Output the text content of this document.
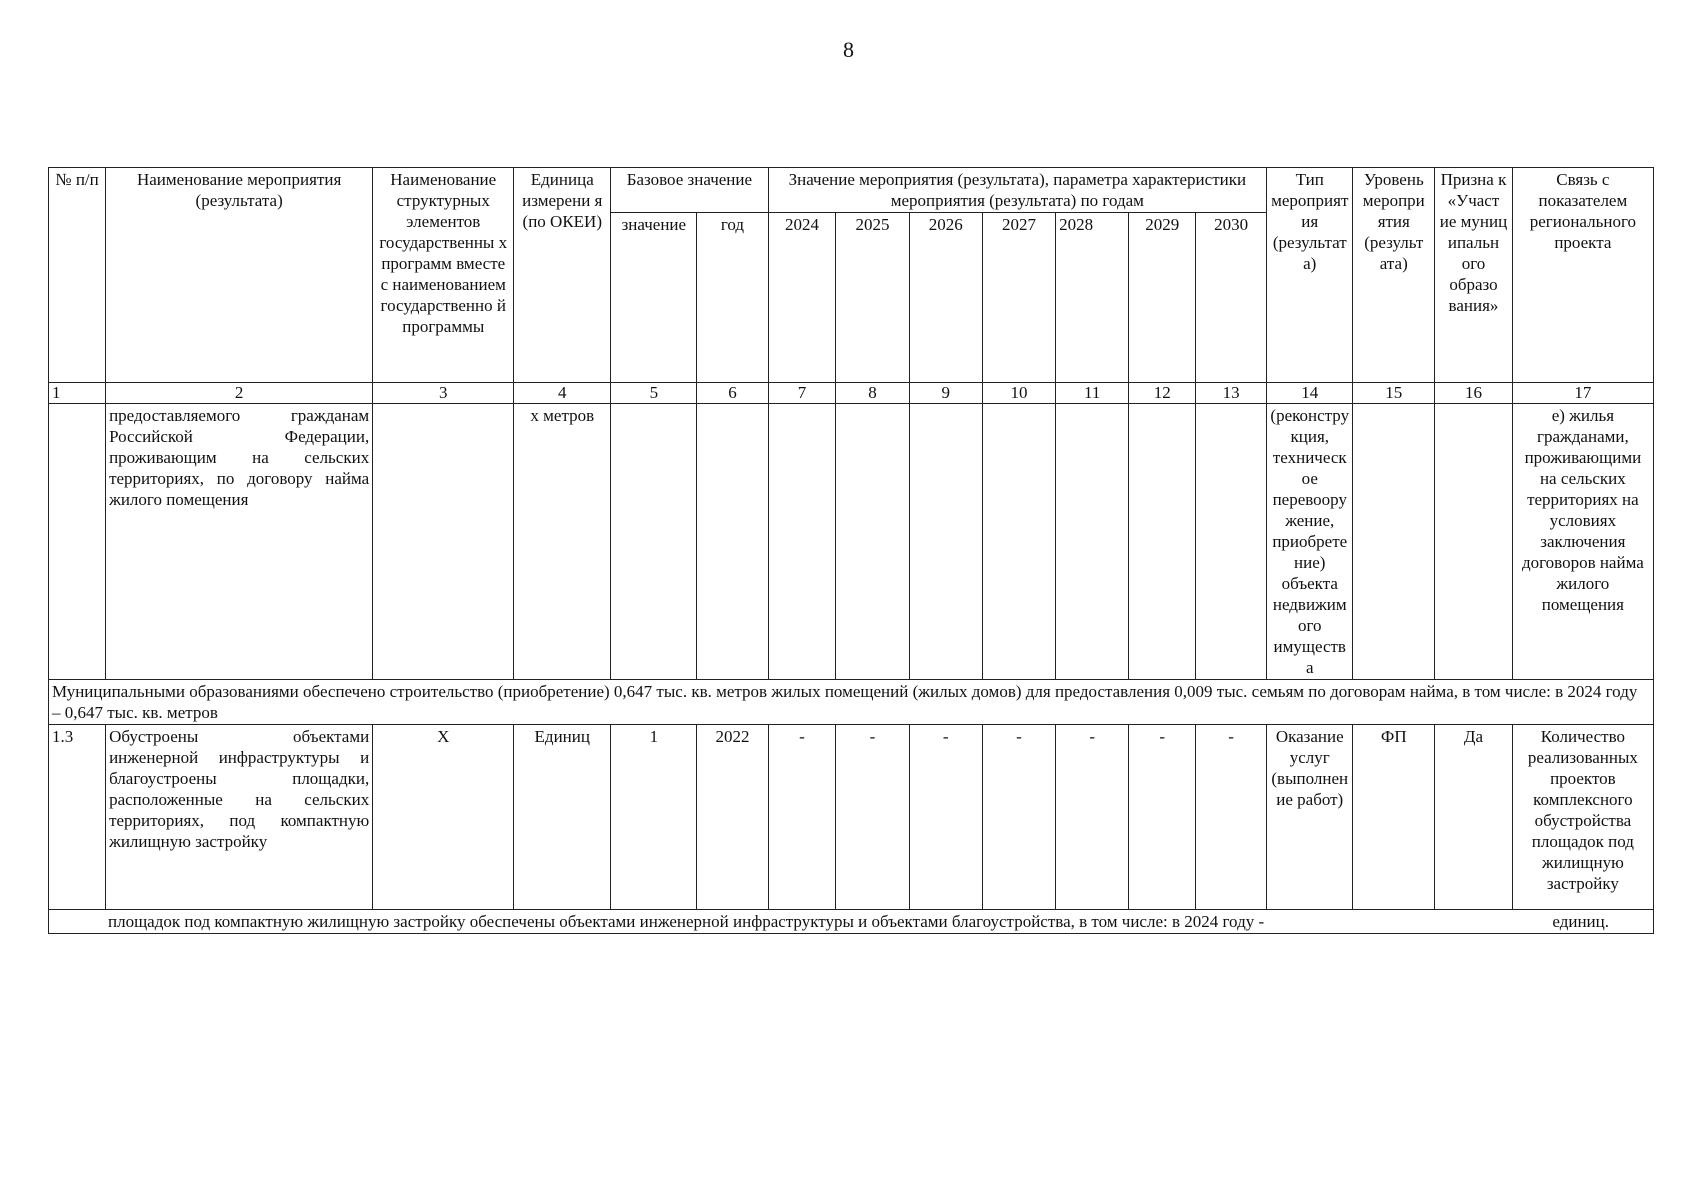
8
№ п/п	Наименование мероприятия (результата)	Наименование структурных элементов государственны х программ вместе с наименованием государственно й программы	Единица измерени я (по ОКЕИ)	Базовое значение		Значение мероприятия (результата), параметра характеристики мероприятия (результата) по годам							Тип мероприят ия (результат а)	Уровень меропри ятия (результ ата)	Призна к «Участ ие муниц ипальн ого образо вания»	Связь с показателем регионального проекта
				значение	год	2024	2025	2026	2027	2028	2029	2030				
1	2	3	4	5	6	7	8	9	10	11	12	13	14	15	16	17
	предоставляемого гражданам Российской Федерации, проживающим на сельских территориях, по договору найма жилого помещения		х метров										(реконструкция, техническое перевооружение, приобретение) объекта недвижимого имущества			е) жилья гражданами, проживающими на сельских территориях на условиях заключения договоров найма жилого помещения
Муниципальными образованиями обеспечено строительство (приобретение) 0,647 тыс. кв. метров жилых помещений (жилых домов) для предоставления 0,009 тыс. семьям по договорам найма, в том числе: в 2024 году – 0,647 тыс. кв. метров																
1.3	Обустроены объектами инженерной инфраструктуры и благоустроены площадки, расположенные на сельских территориях, под компактную жилищную застройку	Х	Единиц	1	2022	-	-	-	-	-	-	-	Оказание услуг (выполнение работ)	ФП	Да	Количество реализованных проектов комплексного обустройства площадок под жилищную застройку
площадок под компактную жилищную застройку обеспечены объектами инженерной инфраструктуры и объектами благоустройства, в том числе: в 2024 году - единиц.																
